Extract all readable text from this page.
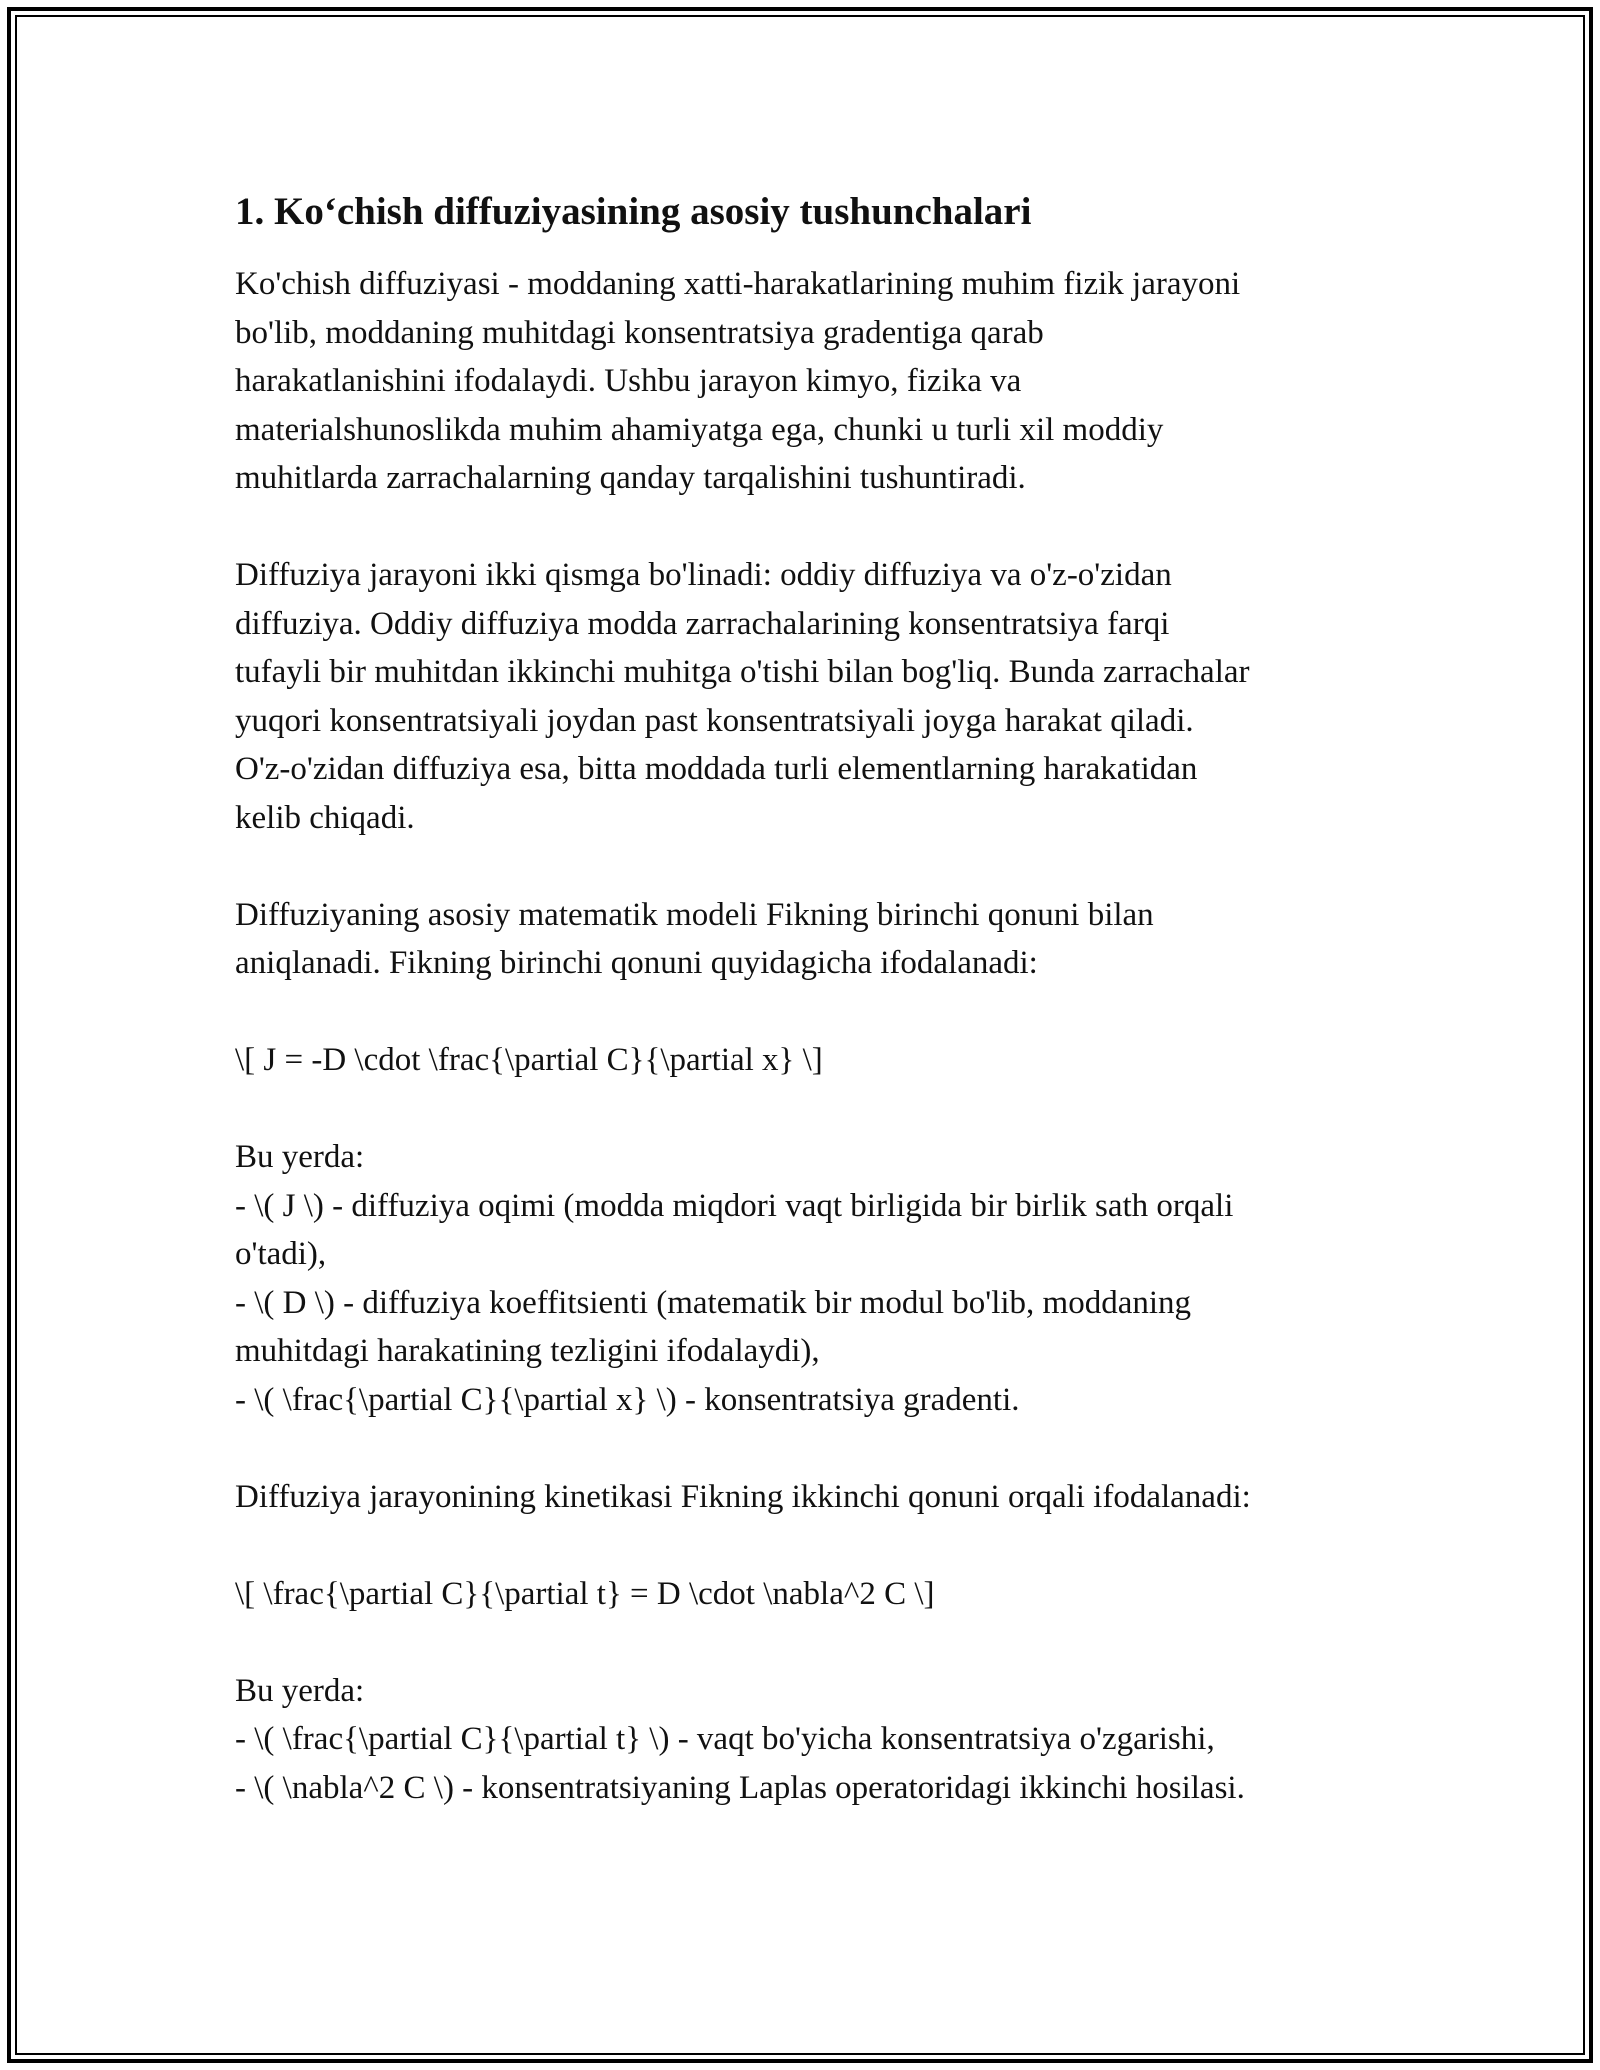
1. Ko‘chish diffuziyasining asosiy tushunchalari

Ko'chish diffuziyasi - moddaning xatti-harakatlarining muhim fizik jarayoni
bo'lib, moddaning muhitdagi konsentratsiya gradentiga qarab
harakatlanishini ifodalaydi. Ushbu jarayon kimyo, fizika va
materialshunoslikda muhim ahamiyatga ega, chunki u turli xil moddiy
muhitlarda zarrachalarning qanday tarqalishini tushuntiradi.

Diffuziya jarayoni ikki qismga bo'linadi: oddiy diffuziya va o'z-o'zidan
diffuziya. Oddiy diffuziya modda zarrachalarining konsentratsiya farqi
tufayli bir muhitdan ikkinchi muhitga o'tishi bilan bog'liq. Bunda zarrachalar
yuqori konsentratsiyali joydan past konsentratsiyali joyga harakat qiladi.
O'z-o'zidan diffuziya esa, bitta moddada turli elementlarning harakatidan
kelib chiqadi.

Diffuziyaning asosiy matematik modeli Fikning birinchi qonuni bilan
aniqlanadi. Fikning birinchi qonuni quyidagicha ifodalanadi:

\[ J = -D \cdot \frac{\partial C}{\partial x} \]

Bu yerda:
- \( J \) - diffuziya oqimi (modda miqdori vaqt birligida bir birlik sath orqali
o'tadi),
- \( D \) - diffuziya koeffitsienti (matematik bir modul bo'lib, moddaning
muhitdagi harakatining tezligini ifodalaydi),
- \( \frac{\partial C}{\partial x} \) - konsentratsiya gradenti.

Diffuziya jarayonining kinetikasi Fikning ikkinchi qonuni orqali ifodalanadi:

\[ \frac{\partial C}{\partial t} = D \cdot \nabla^2 C \]

Bu yerda:
- \( \frac{\partial C}{\partial t} \) - vaqt bo'yicha konsentratsiya o'zgarishi,
- \( \nabla^2 C \) - konsentratsiyaning Laplas operatoridagi ikkinchi hosilasi.
